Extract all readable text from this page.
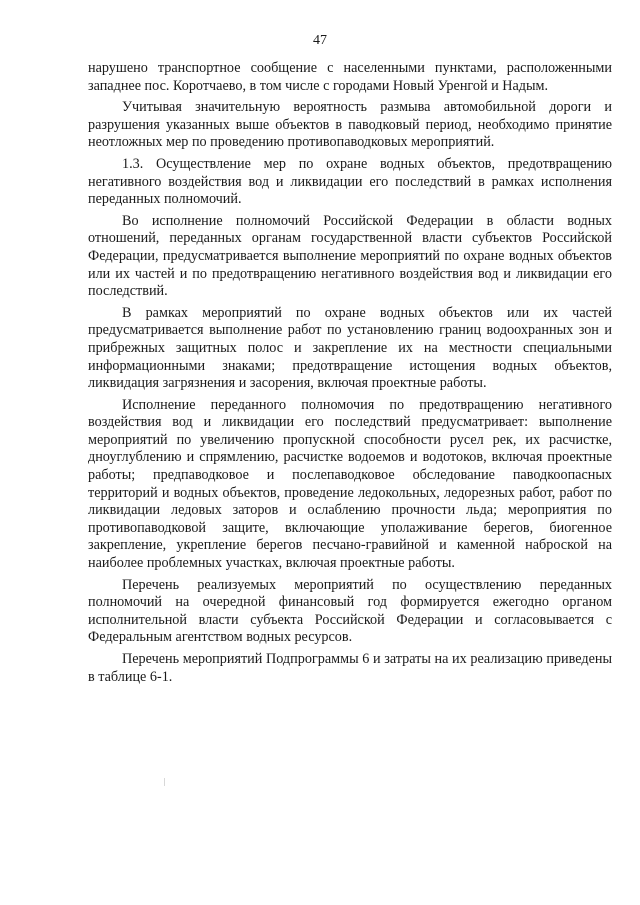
47

нарушено транспортное сообщение с населенными пунктами, расположенными западнее пос. Коротчаево, в том числе с городами Новый Уренгой и Надым.

Учитывая значительную вероятность размыва автомобильной дороги и разрушения указанных выше объектов в паводковый период, необходимо принятие неотложных мер по проведению противопаводковых мероприятий.

1.3. Осуществление мер по охране водных объектов, предотвращению негативного воздействия вод и ликвидации его последствий в рамках исполнения переданных полномочий.

Во исполнение полномочий Российской Федерации в области водных отношений, переданных органам государственной власти субъектов Российской Федерации, предусматривается выполнение мероприятий по охране водных объектов или их частей и по предотвращению негативного воздействия вод и ликвидации его последствий.

В рамках мероприятий по охране водных объектов или их частей предусматривается выполнение работ по установлению границ водоохранных зон и прибрежных защитных полос и закрепление их на местности специальными информационными знаками; предотвращение истощения водных объектов, ликвидация загрязнения и засорения, включая проектные работы.

Исполнение переданного полномочия по предотвращению негативного воздействия вод и ликвидации его последствий предусматривает: выполнение мероприятий по увеличению пропускной способности русел рек, их расчистке, дноуглублению и спрямлению, расчистке водоемов и водотоков, включая проектные работы; предпаводковое и послепаводковое обследование паводкоопасных территорий и водных объектов, проведение ледокольных, ледорезных работ, работ по ликвидации ледовых заторов и ослаблению прочности льда; мероприятия по противопаводковой защите, включающие уполаживание берегов, биогенное закрепление, укрепление берегов песчано-гравийной и каменной наброской на наиболее проблемных участках, включая проектные работы.

Перечень реализуемых мероприятий по осуществлению переданных полномочий на очередной финансовый год формируется ежегодно органом исполнительной власти субъекта Российской Федерации и согласовывается с Федеральным агентством водных ресурсов.

Перечень мероприятий Подпрограммы 6 и затраты на их реализацию приведены в таблице 6-1.
